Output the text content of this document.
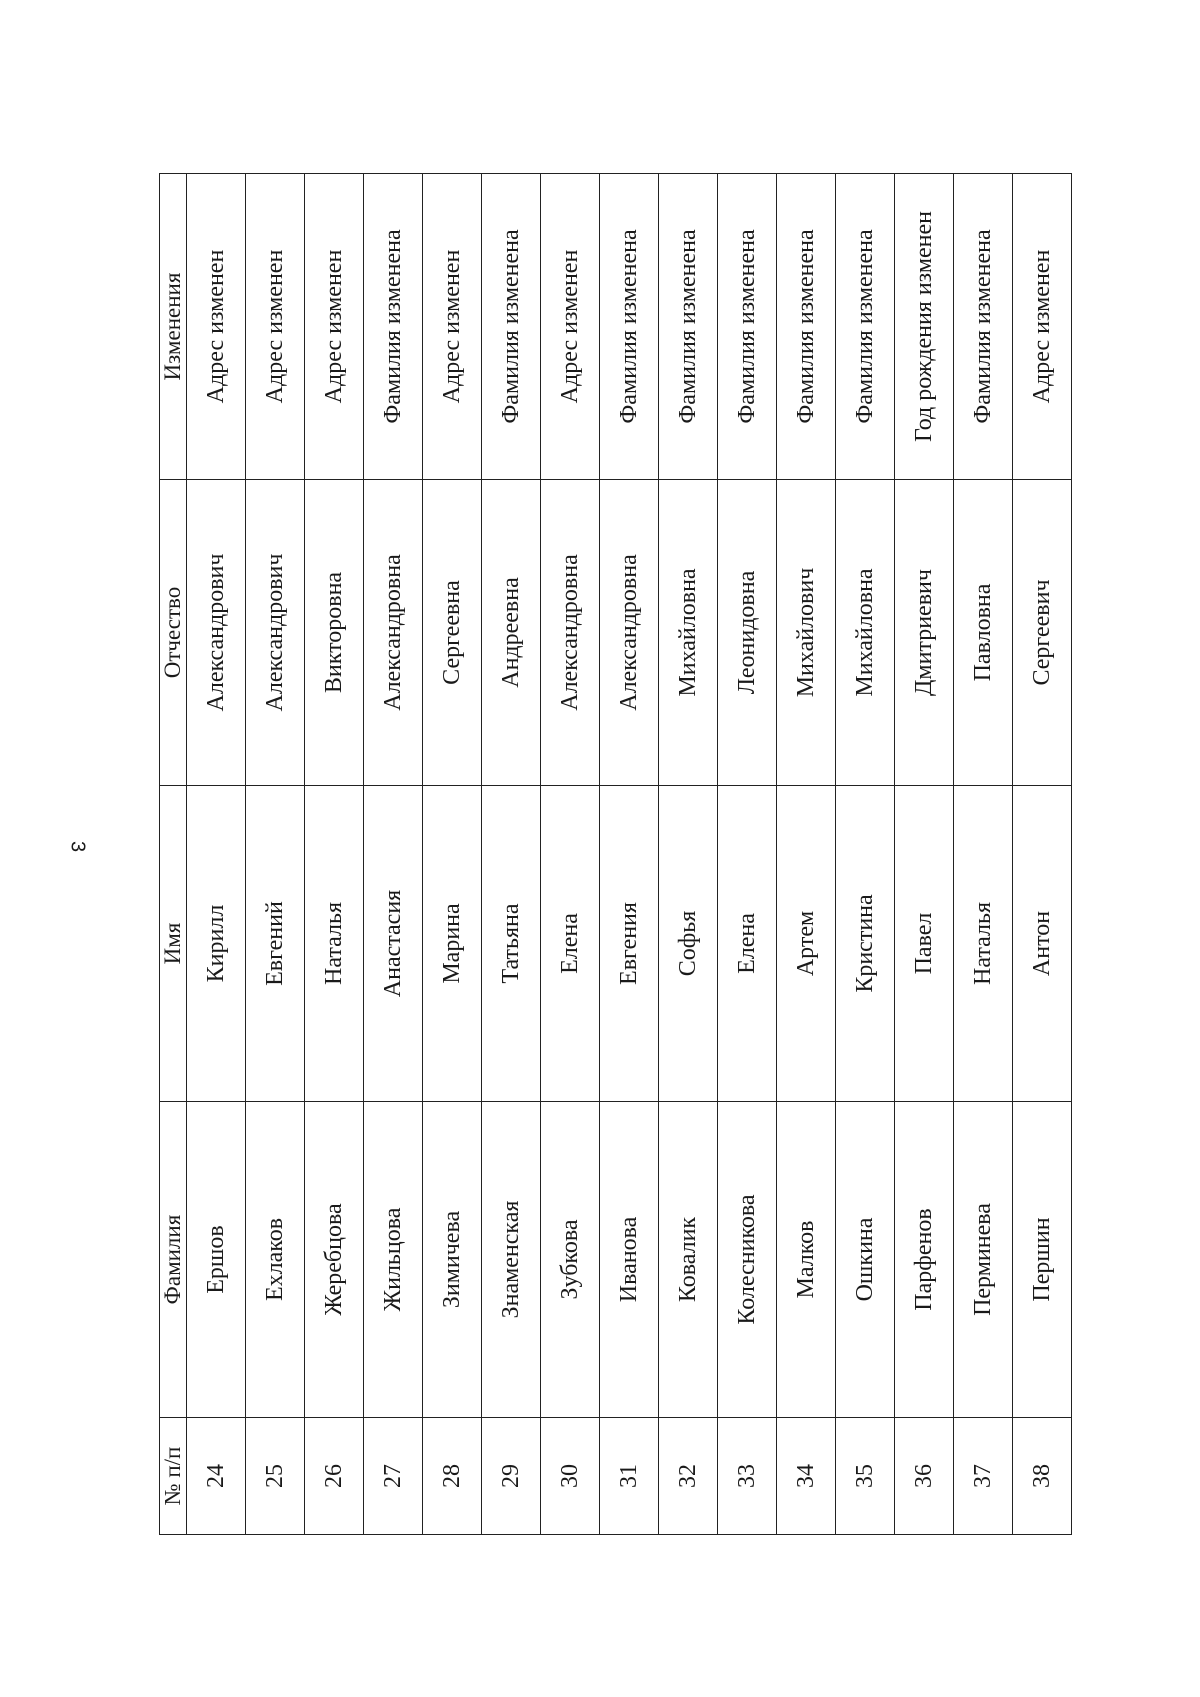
3
№ п/п	Фамилия	Имя	Отчество	Изменения
24	Ершов	Кирилл	Александрович	Адрес изменен
25	Ехлаков	Евгений	Александрович	Адрес изменен
26	Жеребцова	Наталья	Викторовна	Адрес изменен
27	Жильцова	Анастасия	Александровна	Фамилия изменена
28	Зимичева	Марина	Сергеевна	Адрес изменен
29	Знаменская	Татьяна	Андреевна	Фамилия изменена
30	Зубкова	Елена	Александровна	Адрес изменен
31	Иванова	Евгения	Александровна	Фамилия изменена
32	Ковалик	Софья	Михайловна	Фамилия изменена
33	Колесникова	Елена	Леонидовна	Фамилия изменена
34	Малков	Артем	Михайлович	Фамилия изменена
35	Ошкина	Кристина	Михайловна	Фамилия изменена
36	Парфенов	Павел	Дмитриевич	Год рождения изменен
37	Перминева	Наталья	Павловна	Фамилия изменена
38	Першин	Антон	Сергеевич	Адрес изменен
